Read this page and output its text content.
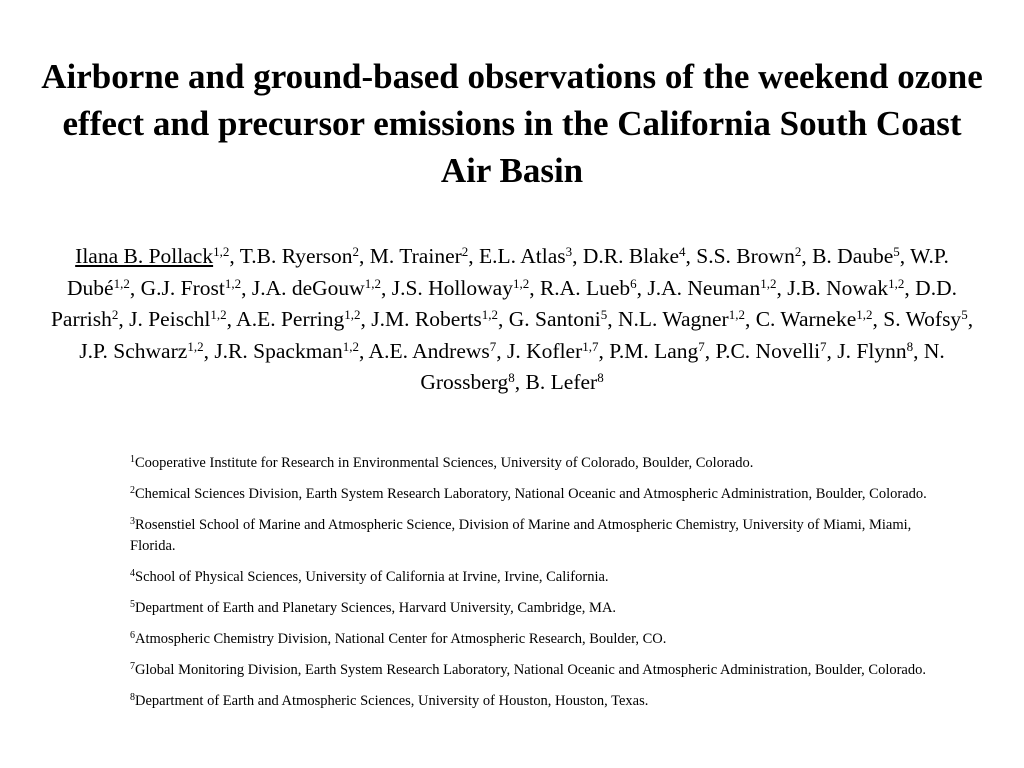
Airborne and ground-based observations of the weekend ozone effect and precursor emissions in the California South Coast Air Basin

Ilana B. Pollack$^{1,2}$, T.B. Ryerson$^2$, M. Trainer$^2$, E.L. Atlas$^3$, D.R. Blake$^4$, S.S. Brown$^2$, B. Daube$^5$, W.P. Dubé$^{1,2}$, G.J. Frost$^{1,2}$, J.A. deGouw$^{1,2}$, J.S. Holloway$^{1,2}$, R.A. Lueb$^6$, J.A. Neuman$^{1,2}$, J.B. Nowak$^{1,2}$, D.D. Parrish$^2$, J. Peischl$^{1,2}$, A.E. Perring$^{1,2}$, J.M. Roberts$^{1,2}$, G. Santoni$^5$, N.L. Wagner$^{1,2}$, C. Warneke$^{1,2}$, S. Wofsy$^5$, J.P. Schwarz$^{1,2}$, J.R. Spackman$^{1,2}$, A.E. Andrews$^7$, J. Kofler$^{1,7}$, P.M. Lang$^7$, P.C. Novelli$^7$, J. Flynn$^8$, N. Grossberg$^8$, B. Lefer$^8$

$^1$Cooperative Institute for Research in Environmental Sciences, University of Colorado, Boulder, Colorado.
$^2$Chemical Sciences Division, Earth System Research Laboratory, National Oceanic and Atmospheric Administration, Boulder, Colorado.
$^3$Rosenstiel School of Marine and Atmospheric Science, Division of Marine and Atmospheric Chemistry, University of Miami, Miami, Florida.
$^4$School of Physical Sciences, University of California at Irvine, Irvine, California.
$^5$Department of Earth and Planetary Sciences, Harvard University, Cambridge, MA.
$^6$Atmospheric Chemistry Division, National Center for Atmospheric Research, Boulder, CO.
$^7$Global Monitoring Division, Earth System Research Laboratory, National Oceanic and Atmospheric Administration, Boulder, Colorado.
$^8$Department of Earth and Atmospheric Sciences, University of Houston, Houston, Texas.
